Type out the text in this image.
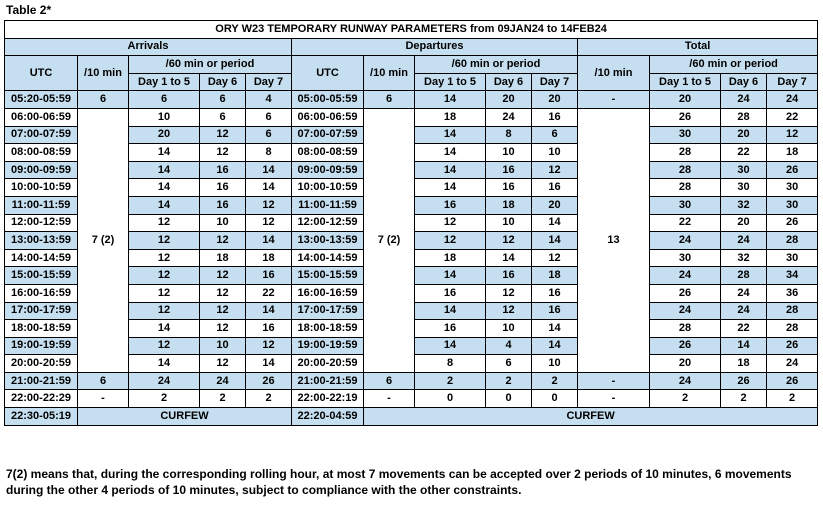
Table 2*
ORY W23 TEMPORARY RUNWAY PARAMETERS from 09JAN24 to 14FEB24													
Arrivals					Departures					Total			
UTC	/10 min	/60 min or period			UTC	/10 min	/60 min or period			/10 min	/60 min or period		
		Day 1 to 5	Day 6	Day 7			Day 1 to 5	Day 6	Day 7		Day 1 to 5	Day 6	Day 7
05:20-05:59	6	6	6	4	05:00-05:59	6	14	20	20	-	20	24	24
06:00-06:59	7 (2)	10	6	6	06:00-06:59	7 (2)	18	24	16	13	26	28	22
07:00-07:59		20	12	6	07:00-07:59		14	8	6		30	20	12
08:00-08:59		14	12	8	08:00-08:59		14	10	10		28	22	18
09:00-09:59		14	16	14	09:00-09:59		14	16	12		28	30	26
10:00-10:59		14	16	14	10:00-10:59		14	16	16		28	30	30
11:00-11:59		14	16	12	11:00-11:59		16	18	20		30	32	30
12:00-12:59		12	10	12	12:00-12:59		12	10	14		22	20	26
13:00-13:59		12	12	14	13:00-13:59		12	12	14		24	24	28
14:00-14:59		12	18	18	14:00-14:59		18	14	12		30	32	30
15:00-15:59		12	12	16	15:00-15:59		14	16	18		24	28	34
16:00-16:59		12	12	22	16:00-16:59		16	12	16		26	24	36
17:00-17:59		12	12	14	17:00-17:59		14	12	16		24	24	28
18:00-18:59		14	12	16	18:00-18:59		16	10	14		28	22	28
19:00-19:59		12	10	12	19:00-19:59		14	4	14		26	14	26
20:00-20:59		14	12	14	20:00-20:59		8	6	10		20	18	24
21:00-21:59	6	24	24	26	21:00-21:59	6	2	2	2	-	24	26	26
22:00-22:29	-	2	2	2	22:00-22:19	-	0	0	0	-	2	2	2
22:30-05:19	CURFEW				22:20-04:59	CURFEW							
7(2) means that, during the corresponding rolling hour, at most 7 movements can be accepted over 2 periods of 10 minutes, 6 movements during the other 4 periods of 10 minutes, subject to compliance with the other constraints.
